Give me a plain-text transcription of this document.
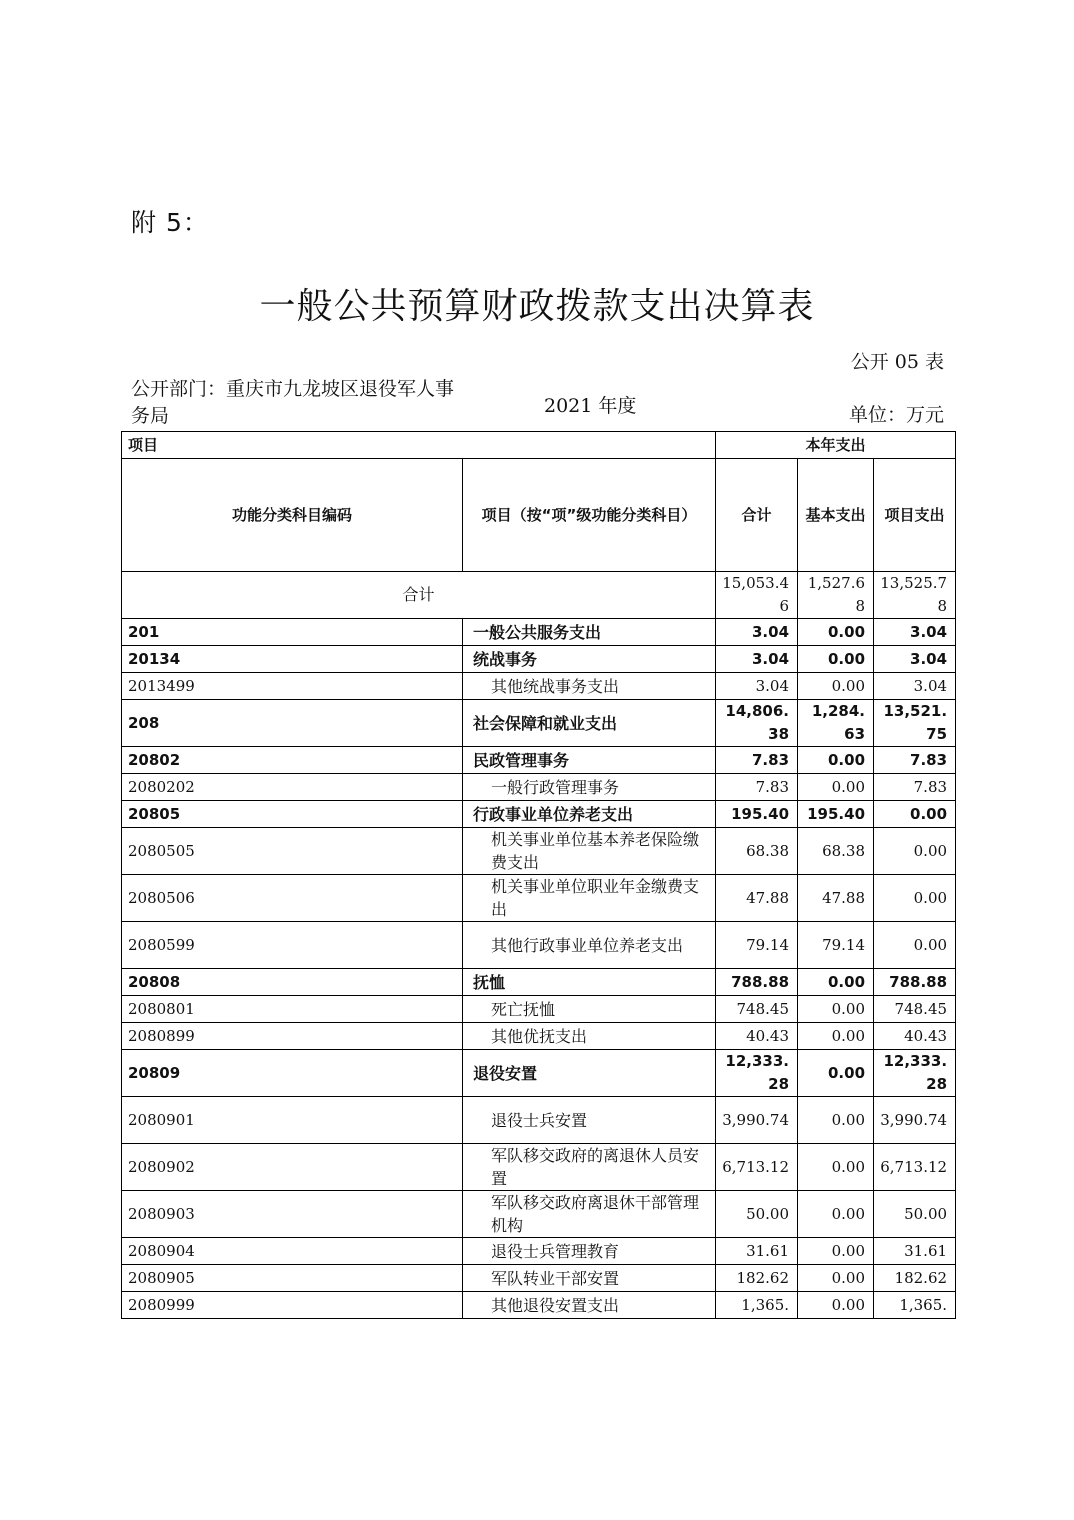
附 5：
一般公共预算财政拨款支出决算表
公开 05 表
公开部门：重庆市九龙坡区退役军人事务局	2021 年度	单位：万元
项目		本年支出		
功能分类科目编码	项目（按“项”级功能分类科目）	合计	基本支出	项目支出
合计		15,053.46	1,527.68	13,525.78
201	一般公共服务支出	3.04	0.00	3.04
20134	统战事务	3.04	0.00	3.04
2013499	其他统战事务支出	3.04	0.00	3.04
208	社会保障和就业支出	14,806.38	1,284.63	13,521.75
20802	民政管理事务	7.83	0.00	7.83
2080202	一般行政管理事务	7.83	0.00	7.83
20805	行政事业单位养老支出	195.40	195.40	0.00
2080505	机关事业单位基本养老保险缴费支出	68.38	68.38	0.00
2080506	机关事业单位职业年金缴费支出	47.88	47.88	0.00
2080599	其他行政事业单位养老支出	79.14	79.14	0.00
20808	抚恤	788.88	0.00	788.88
2080801	死亡抚恤	748.45	0.00	748.45
2080899	其他优抚支出	40.43	0.00	40.43
20809	退役安置	12,333.28	0.00	12,333.28
2080901	退役士兵安置	3,990.74	0.00	3,990.74
2080902	军队移交政府的离退休人员安置	6,713.12	0.00	6,713.12
2080903	军队移交政府离退休干部管理机构	50.00	0.00	50.00
2080904	退役士兵管理教育	31.61	0.00	31.61
2080905	军队转业干部安置	182.62	0.00	182.62
2080999	其他退役安置支出	1,365.	0.00	1,365.
